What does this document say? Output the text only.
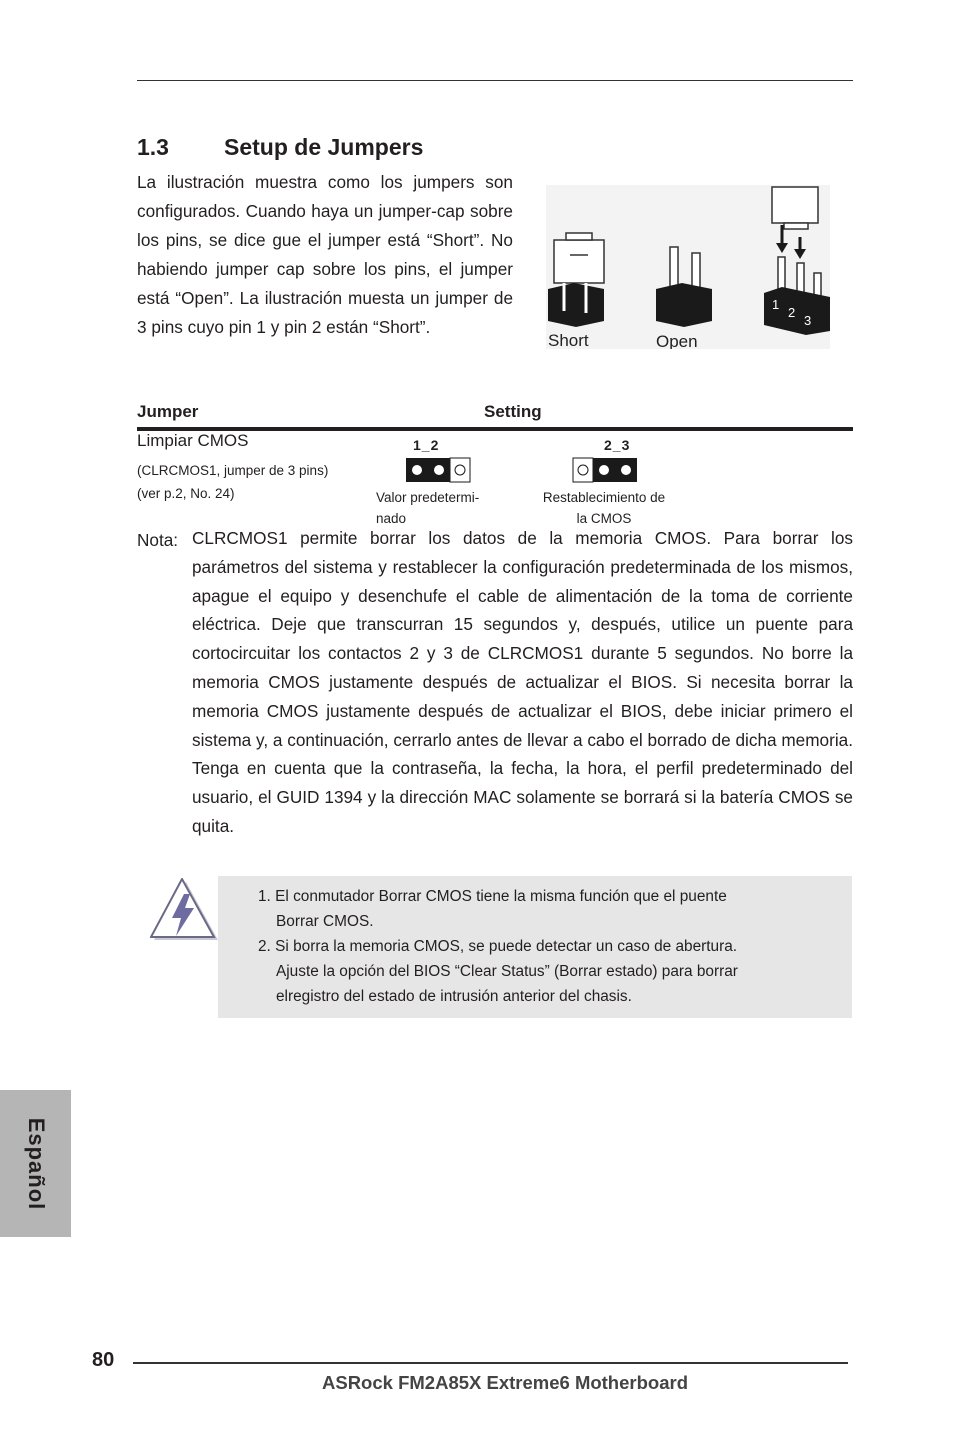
1.3 Setup de Jumpers
La ilustración muestra como los jumpers son configurados. Cuando haya un jumper-cap sobre los pins, se dice gue el jumper está “Short”. No habiendo jumper cap sobre los pins, el jumper está “Open”. La ilustración muesta un jumper de 3 pins cuyo pin 1 y pin 2 están “Short”.
1
2
3
Short	Open
Jumper	Setting
Limpiar CMOS
(CLRCMOS1, jumper de 3 pins)
(ver p.2, No. 24)
1_2
Valor predetermi-
nado
2_3
Restablecimiento de
la CMOS
Nota: CLRCMOS1 permite borrar los datos de la memoria CMOS. Para borrar los parámetros del sistema y restablecer la configuración predeterminada de los mismos, apague el equipo y desenchufe el cable de alimentación de la toma de corriente eléctrica. Deje que transcurran 15 segundos y, después, utilice un puente para cortocircuitar los contactos 2 y 3 de CLRCMOS1 durante 5 segundos. No borre la memoria CMOS justamente después de actualizar el BIOS. Si necesita borrar la memoria CMOS justamente después de actualizar el BIOS, debe iniciar primero el sistema y, a continuación, cerrarlo antes de llevar a cabo el borrado de dicha memoria. Tenga en cuenta que la contraseña, la fecha, la hora, el perfil predeterminado del usuario, el GUID 1394 y la dirección MAC solamente se borrará si la batería CMOS se quita.
1. El conmutador Borrar CMOS tiene la misma función que el puente
Borrar CMOS.
2. Si borra la memoria CMOS, se puede detectar un caso de abertura.
Ajuste la opción del BIOS “Clear Status” (Borrar estado) para borrar
elregistro del estado de intrusión anterior del chasis.
Español
80
ASRock FM2A85X Extreme6 Motherboard
